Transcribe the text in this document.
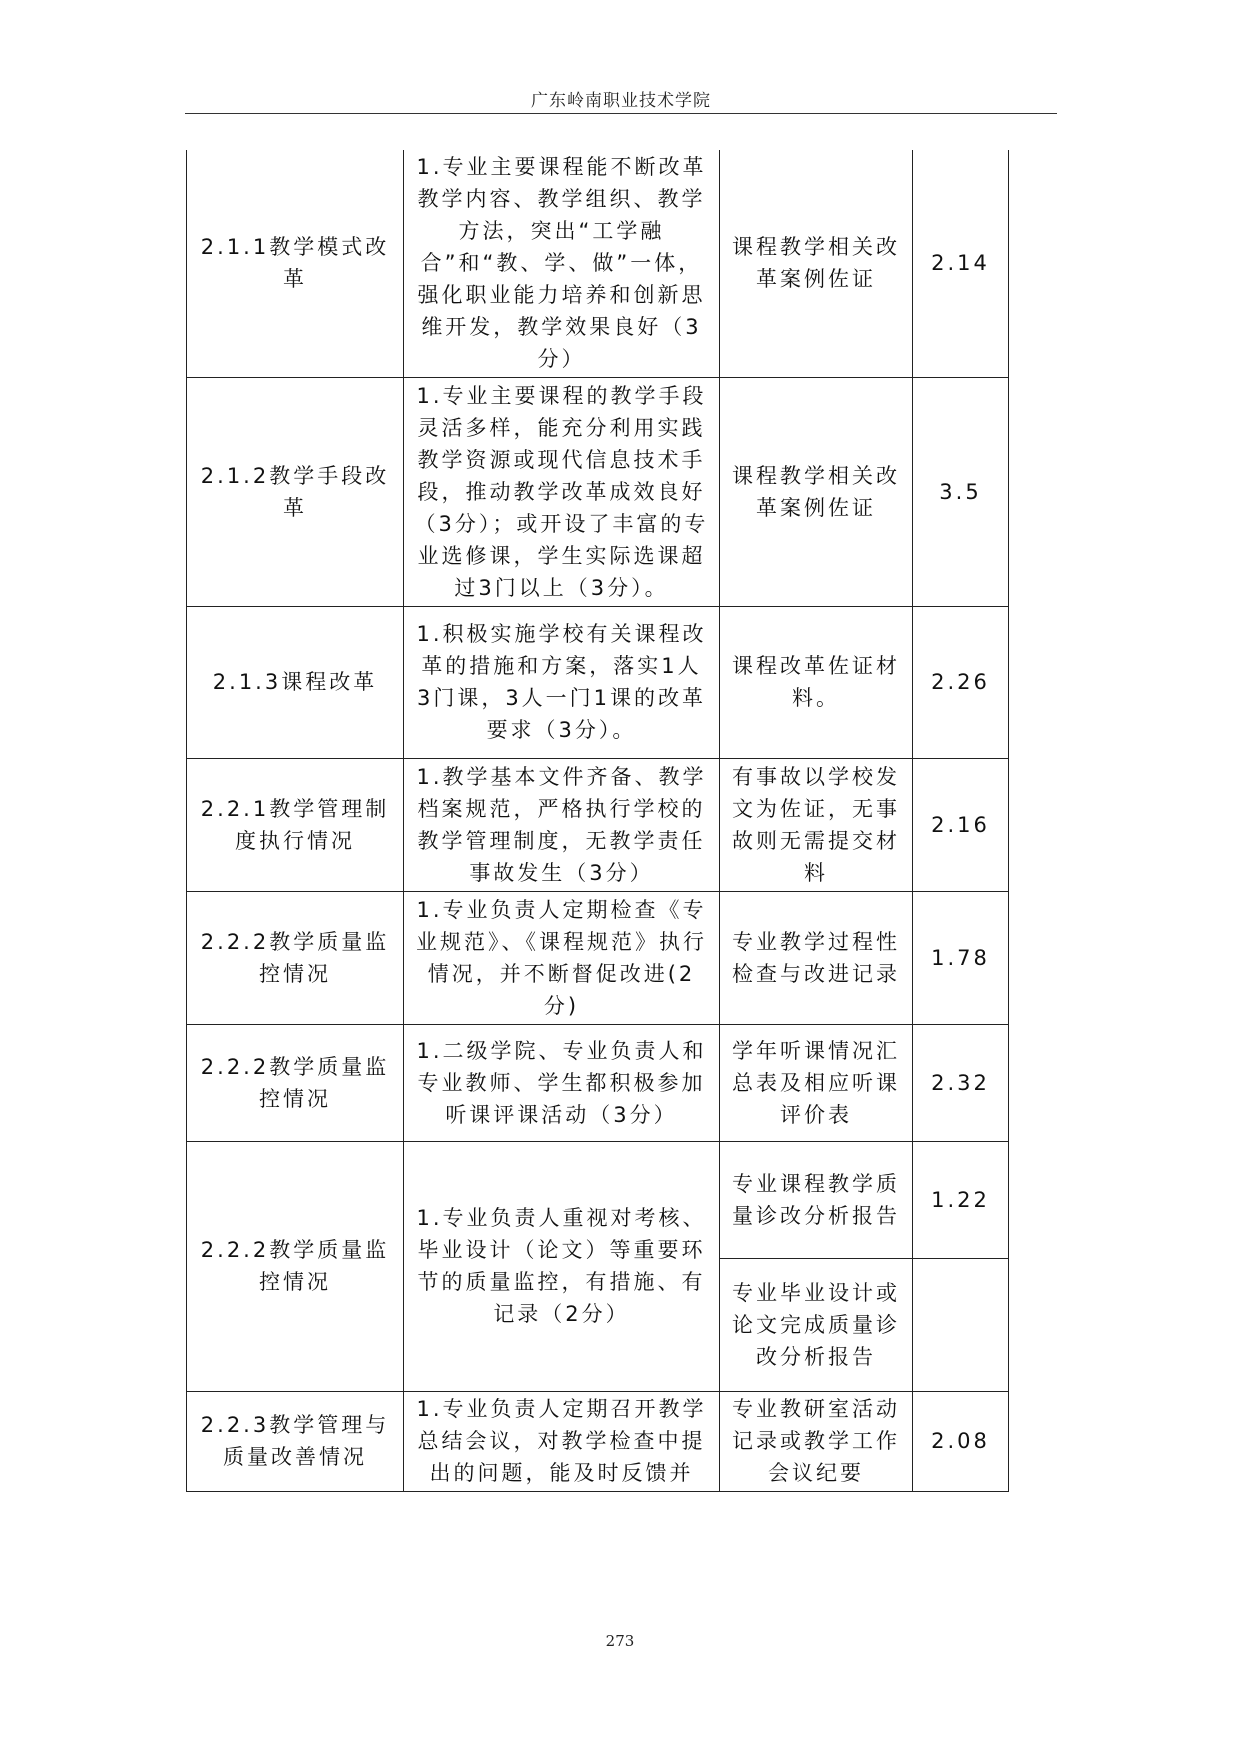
广东岭南职业技术学院
2.1.1教学模式改革	1.专业主要课程能不断改革教学内容、教学组织、教学方法，突出“工学融合”和“教、学、做”一体，强化职业能力培养和创新思维开发，教学效果良好（3分）	课程教学相关改革案例佐证	2.14
2.1.2教学手段改革	1.专业主要课程的教学手段灵活多样，能充分利用实践教学资源或现代信息技术手段，推动教学改革成效良好（3分）；或开设了丰富的专业选修课，学生实际选课超过3门以上（3分）。	课程教学相关改革案例佐证	3.5
2.1.3课程改革	1.积极实施学校有关课程改革的措施和方案，落实1人3门课，3人一门1课的改革要求（3分）。	课程改革佐证材料。	2.26
2.2.1教学管理制度执行情况	1.教学基本文件齐备、教学档案规范，严格执行学校的教学管理制度，无教学责任事故发生（3分）	有事故以学校发文为佐证，无事故则无需提交材料	2.16
2.2.2教学质量监控情况	1.专业负责人定期检查《专业规范》、《课程规范》执行情况，并不断督促改进(2分)	专业教学过程性检查与改进记录	1.78
2.2.2教学质量监控情况	1.二级学院、专业负责人和专业教师、学生都积极参加听课评课活动（3分）	学年听课情况汇总表及相应听课评价表	2.32
2.2.2教学质量监控情况	1.专业负责人重视对考核、毕业设计（论文）等重要环节的质量监控，有措施、有记录（2分）	专业课程教学质量诊改分析报告	1.22
		专业毕业设计或论文完成质量诊改分析报告	
2.2.3教学管理与质量改善情况	1.专业负责人定期召开教学总结会议，对教学检查中提出的问题，能及时反馈并	专业教研室活动记录或教学工作会议纪要	2.08
273
